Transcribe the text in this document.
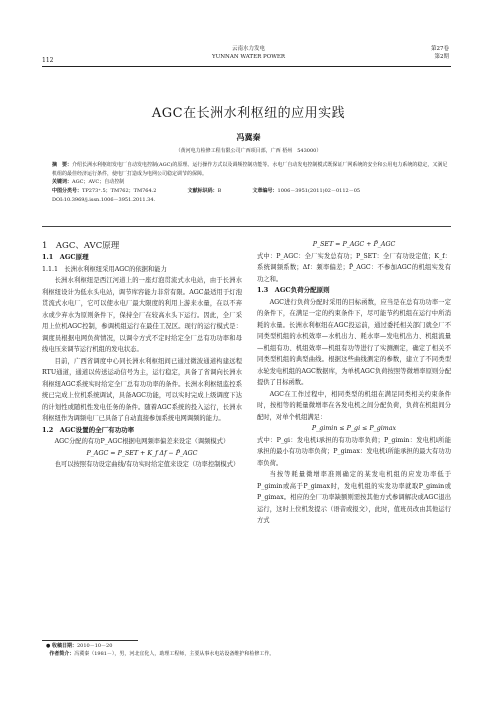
112
云南水力发电
YUNNAN WATER POWER
第27卷
第2期
AGC在长洲水利枢纽的应用实践
冯冀秦
（黄河电力检修工程有限公司广西项目部，广西 梧州　543000）
摘　要：介绍长洲水利枢纽发电厂自动发电控制(AGC)的原理、运行操作方式以及调频控制功能等。水电厂自动发电控制模式既保证厂网系统的安全和公用电力系统的稳定，又满足机组的最佳经济运行条件，使电厂打造成为电网公司稳定调节的保障。
关键词：AGC；AVC；自动控制
中图分类号：TP273⁺.5；TM762；TM764.2	文献标识码：B	文章编号：1006－3951(2011)02－0112－05
DOI:10.3969/j.issn.1006－3951.2011.34.

1　AGC、AVC原理

1.1　AGC原理

1.1.1　长洲水利枢纽采用AGC的依据和能力

长洲水利枢纽是西江河道上的一座灯泡贯流式水电站，由于长洲水利枢纽设计为低水头电站，调节库容能力非常有限。AGC最适用于灯泡贯流式水电厂，它可以使水电厂最大限度的利用上游来水量，在以不弃水或少弃水为原则条件下，保持全厂在较高水头下运行。因此，全厂采用上位机AGC控制，参调机组运行在最佳工况区。现行的运行模式是：调度员根据电网负荷情况，以调令方式不定时给定全厂总有功功率和母线电压来调节运行机组的发电状态。

目前，广西省调度中心同长洲水利枢纽间已通过微波通道构建远程RTU通道，通道以传送运动信号为主，运行稳定，具备了省调向长洲水利枢纽AGC系统实时给定全厂总有功功率的条件。长洲水利枢纽监控系统已完成上位机系统调试，具备AGC功能，可以实时完成上级调度下达的计划性或随机性发电任务的条件。随着AGC系统的投入运行，长洲水利枢纽作为调频电厂已具备了自动直接参加系统电网调频的能力。

1.2　AGC设置的全厂有功功率

AGC分配的有功P_AGC根据电网频率偏差来设定（调频模式）

P_AGC = P_SET + K_f Δf − P̄_AGC

也可以按照有功设定曲线/有功实时给定值来设定（功率控制模式）

P_SET = P_AGC + P̄_AGC

式中：P_AGC：全厂实发总有功；P_SET：全厂有功设定值；K_f：系统调频系数；Δf：频率偏差；P̄_AGC：不参加AGC的机组实发有功之和。

1.3　AGC负荷分配原则

AGC进行负荷分配时采用的目标函数，应当是在总有功功率一定的条件下，在满足一定的约束条件下，尽可能节约机组在运行中所消耗的水量。长洲水利枢纽在AGC投运前，通过委托相关部门就全厂不同类型机组的水机效率—水机出力、耗水率—发电机出力、机组流量—机组有功、机组效率—机组有功等进行了实测测定，确定了相关不同类型机组的典型曲线。根据这些曲线测定的参数，建立了不同类型水轮发电机组的AGC数据库，为单机AGC负荷按照等微增率原则分配提供了目标函数。

AGC在工作过程中，相同类型的机组在满足同类相关约束条件时，按相等的耗量微增率在各发电机之间分配负荷，负荷在机组间分配时，对单个机组满足：

P_gimin ≤ P_gi ≤ P_gimax

式中：P_gi：发电机i承担的有功功率负荷；P_gimin：发电机i所能承担的最小有功功率负荷；P_gimax：发电机i所能承担的最大有功功率负荷。

当按等耗量微增率准则确定的某发电机组的应发功率低于P_gimin或高于P_gimax时，发电机组的实发功率就取P_gimin或P_gimax。相应的全厂功率缺额则需按其他方式参调解决或AGC退出运行，这时上位机发提示（语音或报文），此时，值班员改由其他运行方式

● 收稿日期：2010－10－20
作者简介：冯冀秦（1981－），男，河北宜化人，助理工程师，主要从事水电站设备维护和检修工作。
